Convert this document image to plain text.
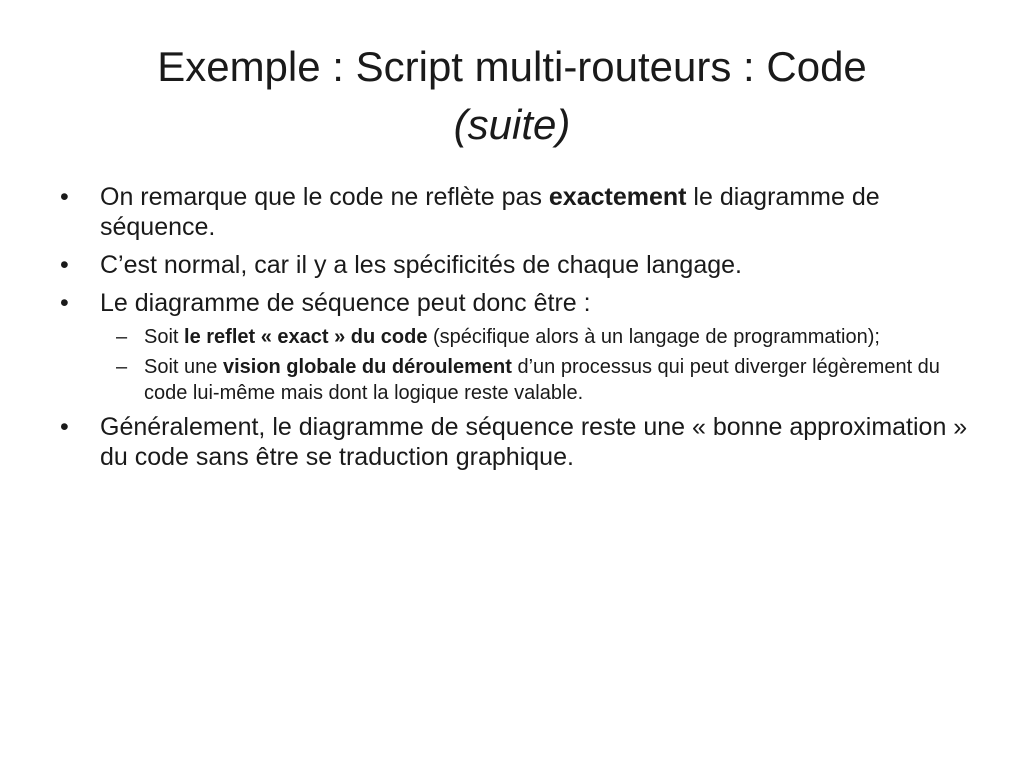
Exemple : Script multi-routeurs : Code
(suite)
• On remarque que le code ne reflète pas exactement le diagramme de séquence.
• C’est normal, car il y a les spécificités de chaque langage.
• Le diagramme de séquence peut donc être :
– Soit le reflet « exact » du code (spécifique alors à un langage de programmation);
– Soit une vision globale du déroulement d’un processus qui peut diverger légèrement du code lui-même mais dont la logique reste valable.
• Généralement, le diagramme de séquence reste une « bonne approximation » du code sans être se traduction graphique.
